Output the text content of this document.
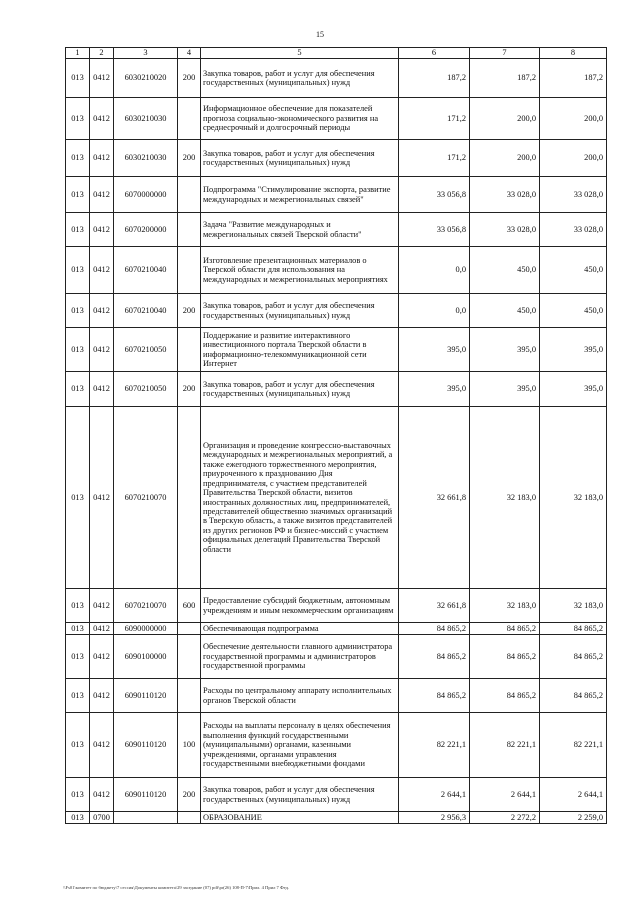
15
1	2	3	4	5	6	7	8
013	0412	6030210020	200	Закупка товаров, работ и услуг для обеспечения государственных (муниципальных) нужд	187,2	187,2	187,2
013	0412	6030210030		Информационное обеспечение для показателей прогноза социально-экономического развития на среднесрочный и долгосрочный периоды	171,2	200,0	200,0
013	0412	6030210030	200	Закупка товаров, работ и услуг для обеспечения государственных (муниципальных) нужд	171,2	200,0	200,0
013	0412	6070000000		Подпрограмма "Стимулирование экспорта, развитие международных и межрегиональных связей"	33 056,8	33 028,0	33 028,0
013	0412	6070200000		Задача "Развитие международных и межрегиональных связей Тверской области"	33 056,8	33 028,0	33 028,0
013	0412	6070210040		Изготовление презентационных материалов о Тверской области для использования на международных и межрегиональных мероприятиях	0,0	450,0	450,0
013	0412	6070210040	200	Закупка товаров, работ и услуг для обеспечения государственных (муниципальных) нужд	0,0	450,0	450,0
013	0412	6070210050		Поддержание и развитие интерактивного инвестиционного портала Тверской области в информационно-телекоммуникационной сети Интернет	395,0	395,0	395,0
013	0412	6070210050	200	Закупка товаров, работ и услуг для обеспечения государственных (муниципальных) нужд	395,0	395,0	395,0
013	0412	6070210070		Организация и проведение конгрессно-выставочных международных и межрегиональных мероприятий, а также ежегодного торжественного мероприятия, приуроченного к празднованию Дня предпринимателя, с участием представителей Правительства Тверской области, визитов иностранных должностных лиц, предпринимателей, представителей общественно значимых организаций в Тверскую область, а также визитов представителей из других регионов РФ и бизнес-миссий с участием официальных делегаций Правительства Тверской области	32 661,8	32 183,0	32 183,0
013	0412	6070210070	600	Предоставление субсидий бюджетным, автономным учреждениям и иным некоммерческим организациям	32 661,8	32 183,0	32 183,0
013	0412	6090000000		Обеспечивающая подпрограмма	84 865,2	84 865,2	84 865,2
013	0412	6090100000		Обеспечение деятельности главного администратора государственной программы и администраторов государственной программы	84 865,2	84 865,2	84 865,2
013	0412	6090110120		Расходы по центральному аппарату исполнительных органов Тверской области	84 865,2	84 865,2	84 865,2
013	0412	6090110120	100	Расходы на выплаты персоналу в целях обеспечения выполнения функций государственными (муниципальными) органами, казенными учреждениями, органами управления государственными внебюджетными фондами	82 221,1	82 221,1	82 221,1
013	0412	6090110120	200	Закупка товаров, работ и услуг для обеспечения государственных (муниципальных) нужд	2 644,1	2 644,1	2 644,1
013	0700			ОБРАЗОВАНИЕ	2 956,3	2 272,2	2 259,0
\\Fs01\комитет по бюджету\7 сессия\Документы комитета\29 заседание (07) pdf\pr(26) 108-П-7\Прил. 4 Прил 7 Фед.
